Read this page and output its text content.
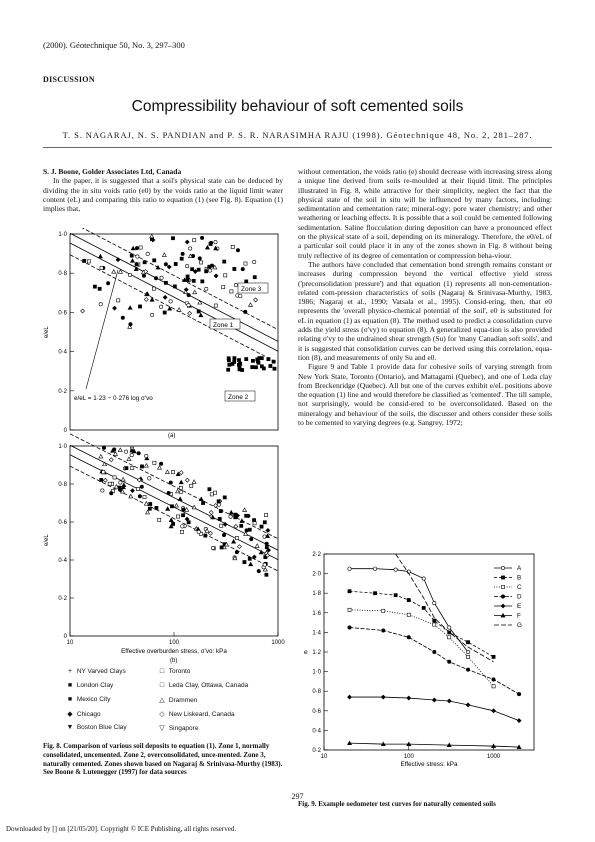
(2000). Géotechnique 50, No. 3, 297–300
DISCUSSION
Compressibility behaviour of soft cemented soils
T. S. NAGARAJ, N. S. PANDIAN and P. S. R. NARASIMHA RAJU (1998). Géotechnique 48, No. 2, 281–287.

S. J. Boone, Golder Associates Ltd, Canada

In the paper, it is suggested that a soil's physical state can be deduced by dividing the in situ voids ratio (e0) by the voids ratio at the liquid limit water content (eL) and comparing this ratio to equation (1) (see Fig. 8). Equation (1) implies that,

without cementation, the voids ratio (e) should decrease with increasing stress along a unique line derived from soils re-moulded at their liquid limit. The principles illustrated in Fig. 8, while attractive for their simplicity, neglect the fact that the physical state of the soil in situ will be influenced by many factors, including: sedimentation and cementation rate; mineral-ogy; pore water chemistry; and other weathering or leaching effects. It is possible that a soil could be cemented following sedimentation. Saline flocculation during deposition can have a pronounced effect on the physical state of a soil, depending on its mineralogy. Therefore, the e0/eL of a particular soil could place it in any of the zones shown in Fig. 8 without being truly reflective of its degree of cementation or compression beha-viour.

The authors have concluded that cementation bond strength remains constant or increases during compression beyond the vertical effective yield stress ('preconsolidation pressure') and that equation (1) represents all non-cementation-related com-pression characteristics of soils (Nagaraj & Srinivasa-Murthy, 1983, 1986; Nagaraj et al., 1990; Vatsala et al., 1995). Consid-ering, then, that e0 represents the 'overall physico-chemical potential of the soil', e0 is substituted for eL in equation (1) as equation (8). The method used to predict a consolidation curve adds the yield stress (σ'vy) to equation (8). A generalized equa-tion is also provided relating σ'vy to the undrained shear strength (Su) for 'many Canadian soft soils', and it is suggested that consolidation curves can be derived using this correlation, equa-tion (8), and measurements of only Su and e0.

Figure 9 and Table 1 provide data for cohesive soils of varying strength from New York State, Toronto (Ontario), and Mattagami (Quebec), and one of Leda clay from Breckenridge (Quebec). All but one of the curves exhibit e/eL positions above the equation (1) line and would therefore be classified as 'cemented'. The till sample, not surprisingly, would be consid-ered to be overconsolidated. Based on the mineralogy and behaviour of the soils, the discusser and others consider these soils to be cemented to varying degrees (e.g. Sangrey, 1972;

1·0
0·8
0·6
0·4
0·2
0
e/eL
Zone 3
Zone 1
Zone 2
e/eL = 1·23 − 0·276 log σ'vo
(a)
1·0
0·8
0·6
0·4
0·2
0
10	100	1000
e/eL
Effective overburden stress, σ'vo: kPa
(b)
+ NY Varved Clays	□ Toronto
■ London Clay	□ Leda Clay, Ottawa, Canada
■ Mexico City	△ Drammen
◆ Chicago	◇ New Liskeard, Canada
▼ Boston Blue Clay	▽ Singapore
Fig. 8. Comparison of various soil deposits to equation (1). Zone 1, normally consolidated, uncemented. Zone 2, overconsolidated, unce-mented. Zone 3, naturally cemented. Zones shown based on Nagaraj & Srinivasa-Murthy (1983). See Boone & Lutenegger (1997) for data sources
2·2
2·0
1·8
1·6
1·4
1·2
1·0
0·8
0·6
0·4
0·2
10	100	1000
e
A
B
C
D
E
F
G
Effective stress: kPa
Fig. 9. Example oedometer test curves for naturally cemented soils
297
Downloaded by [] on [21/05/20]. Copyright © ICE Publishing, all rights reserved.
